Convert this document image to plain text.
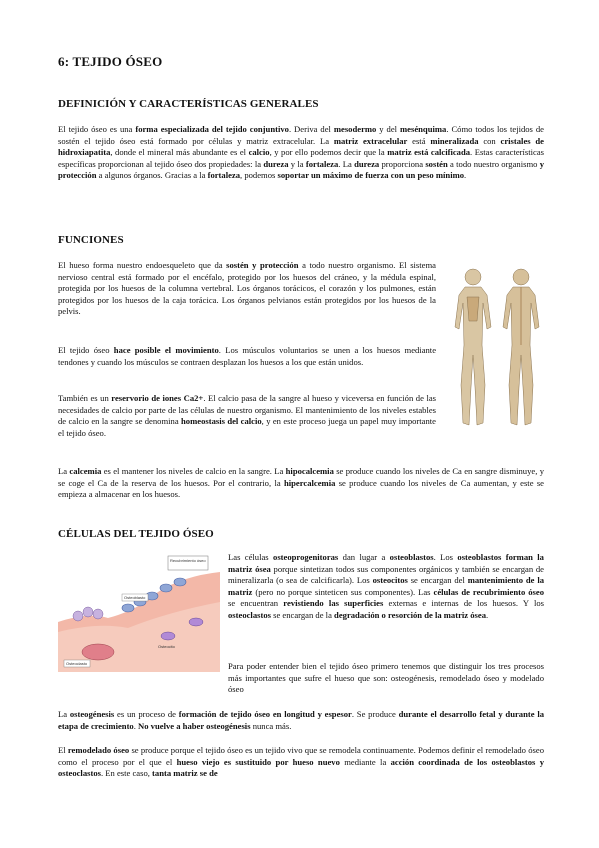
6: TEJIDO ÓSEO
DEFINICIÓN Y CARACTERÍSTICAS GENERALES
El tejido óseo es una forma especializada del tejido conjuntivo. Deriva del mesodermo y del mesénquima. Cómo todos los tejidos de sostén el tejido óseo está formado por células y matriz extracelular. La matriz extracelular está mineralizada con cristales de hidroxiapatita, donde el mineral más abundante es el calcio, y por ello podemos decir que la matriz está calcificada. Estas características específicas proporcionan al tejido óseo dos propiedades: la dureza y la fortaleza. La dureza proporciona sostén a todo nuestro organismo y protección a algunos órganos. Gracias a la fortaleza, podemos soportar un máximo de fuerza con un peso mínimo.
FUNCIONES
El hueso forma nuestro endoesqueleto que da sostén y protección a todo nuestro organismo. El sistema nervioso central está formado por el encéfalo, protegido por los huesos del cráneo, y la médula espinal, protegida por los huesos de la columna vertebral. Los órganos torácicos, el corazón y los pulmones, están protegidos por los huesos de la caja torácica. Los órganos pelvianos están protegidos por los huesos de la pelvis.
El tejido óseo hace posible el movimiento. Los músculos voluntarios se unen a los huesos mediante tendones y cuando los músculos se contraen desplazan los huesos a los que están unidos.
También es un reservorio de iones Ca2+. El calcio pasa de la sangre al hueso y viceversa en función de las necesidades de calcio por parte de las células de nuestro organismo. El mantenimiento de los niveles estables de calcio en la sangre se denomina homeostasis del calcio, y en este proceso juega un papel muy importante el tejido óseo.
La calcemia es el mantener los niveles de calcio en la sangre. La hipocalcemia se produce cuando los niveles de Ca en sangre disminuye, y se coge el Ca de la reserva de los huesos. Por el contrario, la hipercalcemia se produce cuando los niveles de Ca aumentan, y este se empieza a almacenar en los huesos.
CÉLULAS DEL TEJIDO ÓSEO
Recubrimiento óseo
Osteoblasto
Osteocito
Osteoclasto
Las células osteoprogenitoras dan lugar a osteoblastos. Los osteoblastos forman la matriz ósea porque sintetizan todos sus componentes orgánicos y también se encargan de mineralizarla (o sea de calcificarla). Los osteocitos se encargan del mantenimiento de la matriz (pero no porque sinteticen sus componentes). Las células de recubrimiento óseo se encuentran revistiendo las superficies externas e internas de los huesos. Y los osteoclastos se encargan de la degradación o resorción de la matriz ósea.
Para poder entender bien el tejido óseo primero tenemos que distinguir los tres procesos más importantes que sufre el hueso que son: osteogénesis, remodelado óseo y modelado óseo
La osteogénesis es un proceso de formación de tejido óseo en longitud y espesor. Se produce durante el desarrollo fetal y durante la etapa de crecimiento. No vuelve a haber osteogénesis nunca más.
El remodelado óseo se produce porque el tejido óseo es un tejido vivo que se remodela continuamente. Podemos definir el remodelado óseo como el proceso por el que el hueso viejo es sustituido por hueso nuevo mediante la acción coordinada de los osteoblastos y osteoclastos. En este caso, tanta matriz se de
